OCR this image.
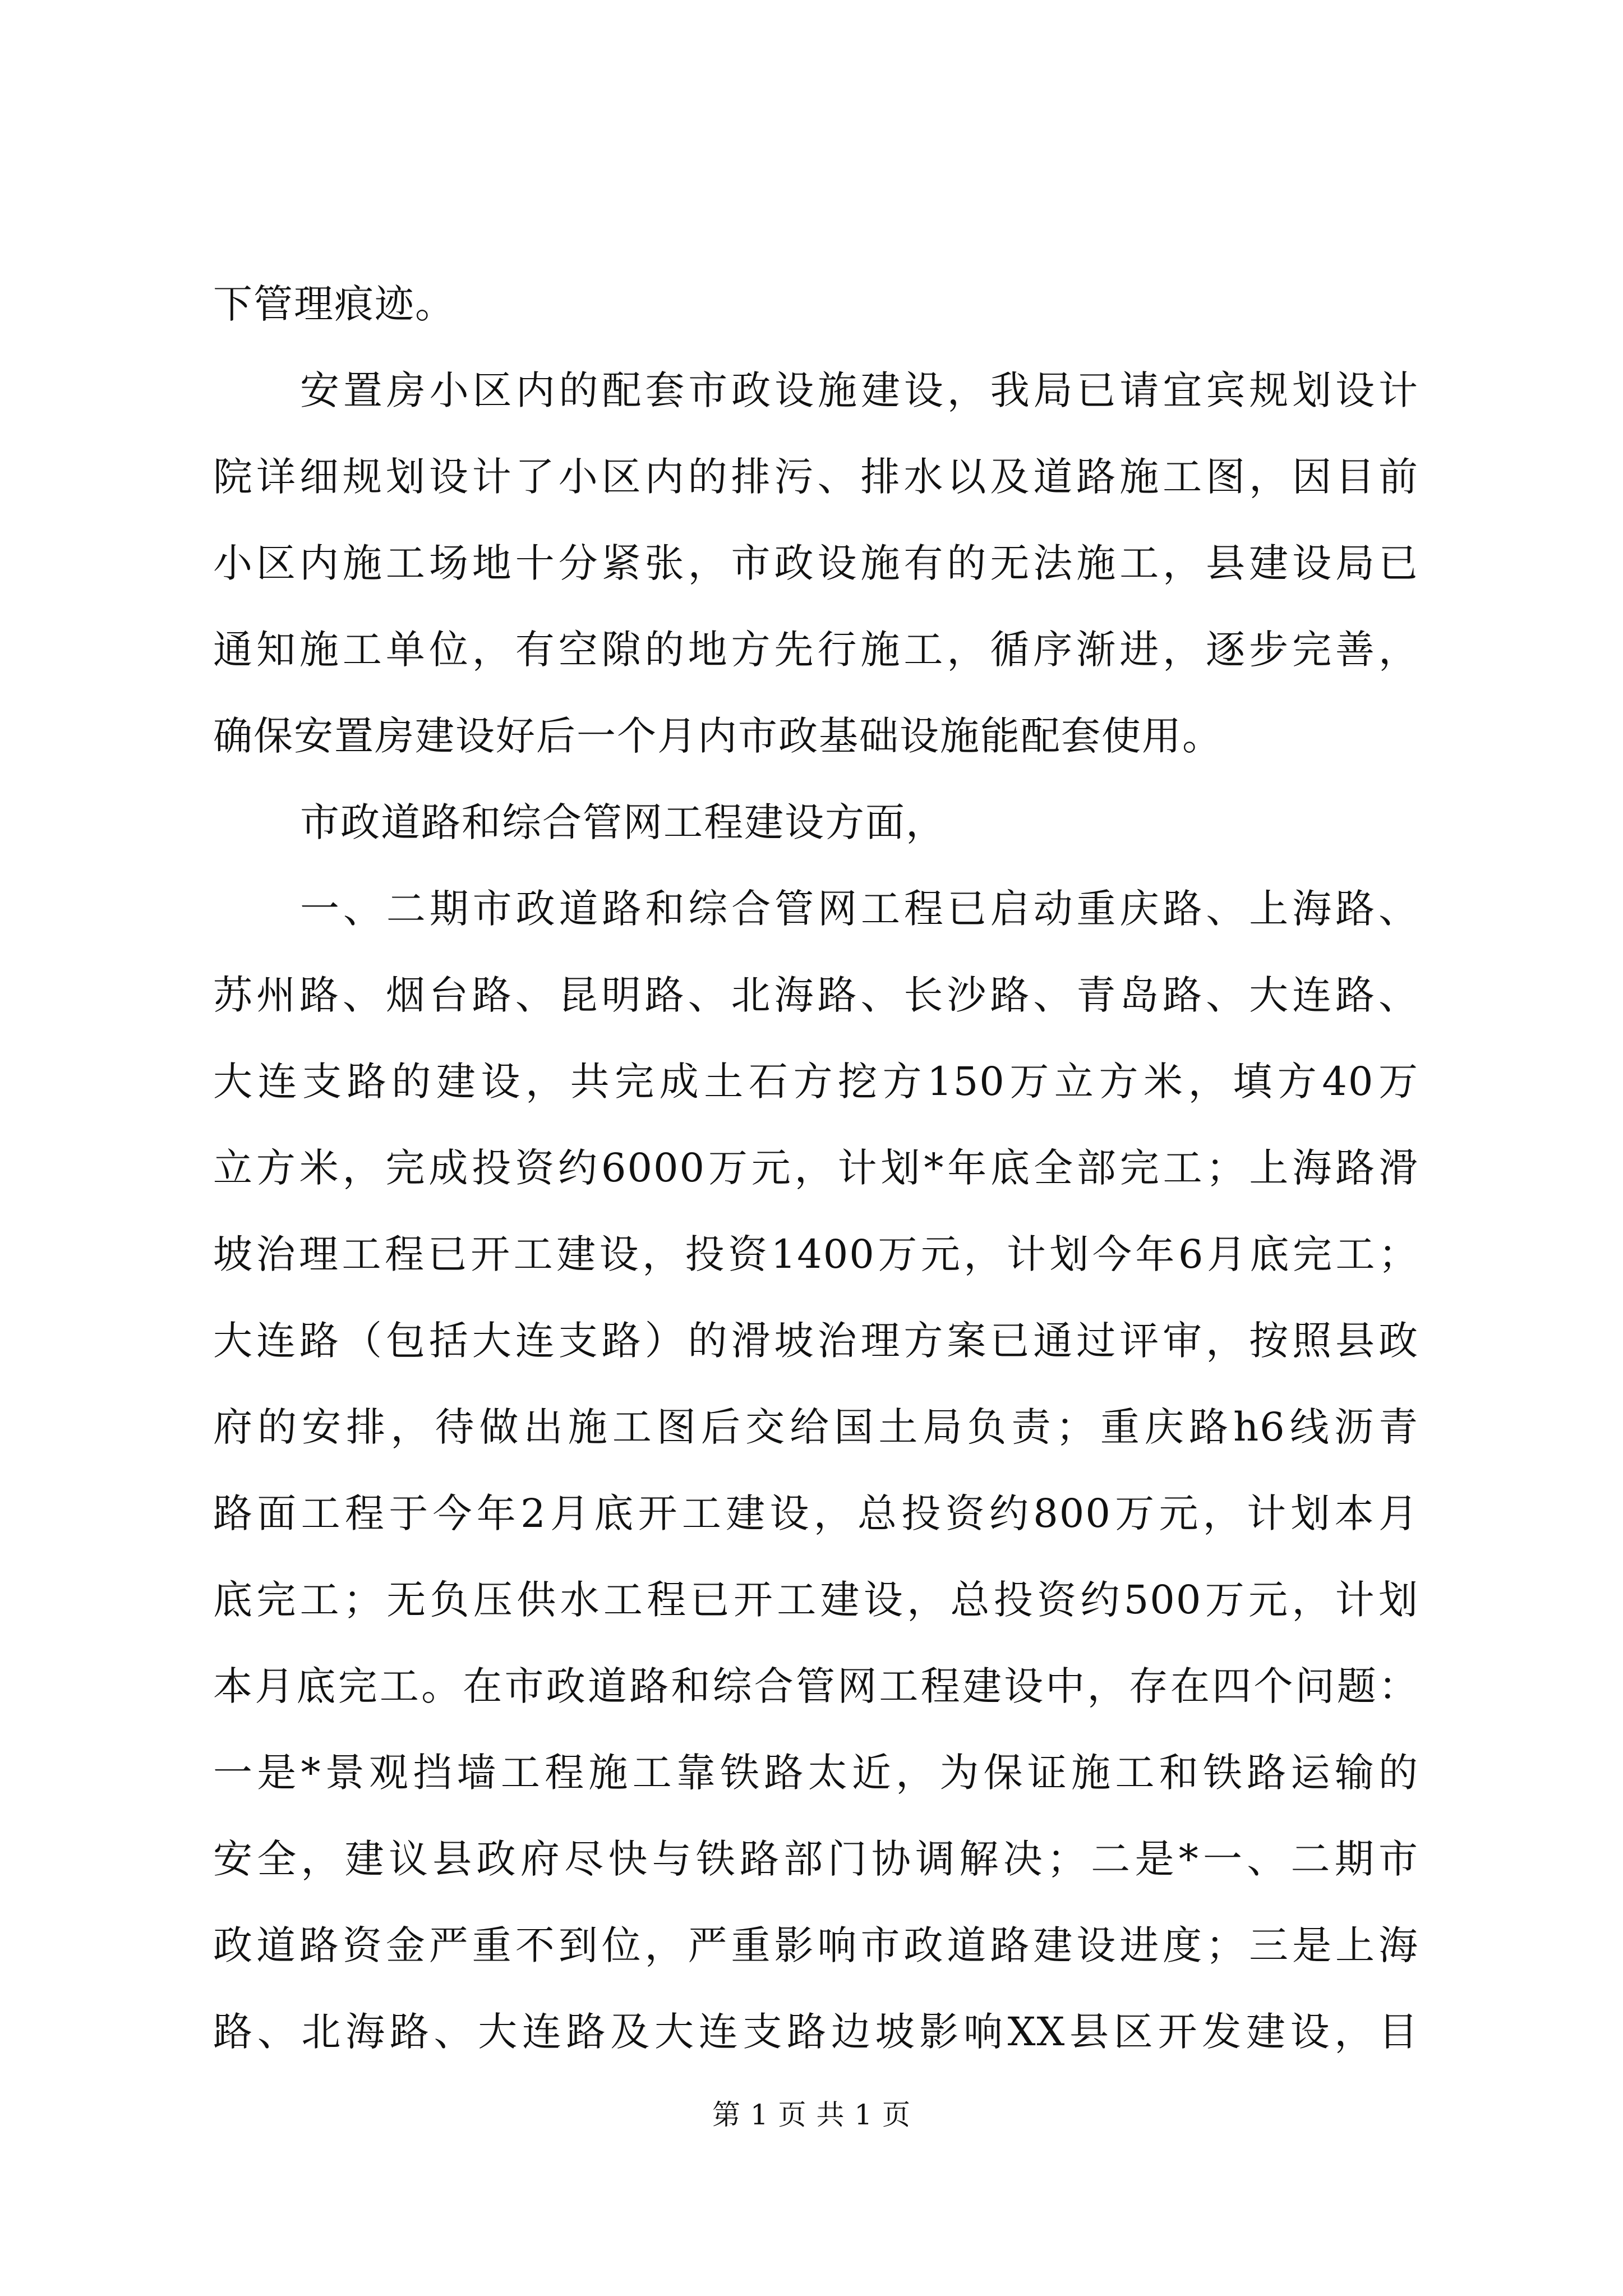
下管理痕迹。
安置房小区内的配套市政设施建设，我局已请宜宾规划设计
院详细规划设计了小区内的排污、排水以及道路施工图，因目前
小区内施工场地十分紧张，市政设施有的无法施工，县建设局已
通知施工单位，有空隙的地方先行施工，循序渐进，逐步完善，
确保安置房建设好后一个月内市政基础设施能配套使用。
市政道路和综合管网工程建设方面，
一、二期市政道路和综合管网工程已启动重庆路、上海路、
苏州路、烟台路、昆明路、北海路、长沙路、青岛路、大连路、
大连支路的建设，共完成土石方挖方150万立方米，填方40万
立方米，完成投资约6000万元，计划*年底全部完工；上海路滑
坡治理工程已开工建设，投资1400万元，计划今年6月底完工；
大连路（包括大连支路）的滑坡治理方案已通过评审，按照县政
府的安排，待做出施工图后交给国土局负责；重庆路h6线沥青
路面工程于今年2月底开工建设，总投资约800万元，计划本月
底完工；无负压供水工程已开工建设，总投资约500万元，计划
本月底完工。在市政道路和综合管网工程建设中，存在四个问题：
一是*景观挡墙工程施工靠铁路太近，为保证施工和铁路运输的
安全，建议县政府尽快与铁路部门协调解决；二是*一、二期市
政道路资金严重不到位，严重影响市政道路建设进度；三是上海
路、北海路、大连路及大连支路边坡影响XX县区开发建设，目
第 1 页 共 1 页
